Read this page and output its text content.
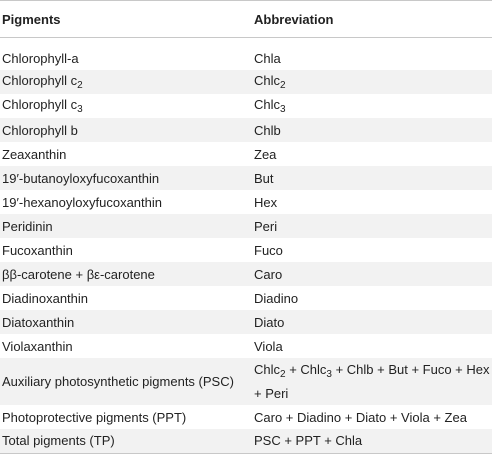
Pigments	Abbreviation
Chlorophyll-a	Chla
Chlorophyll $c_2$	Chlc$_2$
Chlorophyll $c_3$	Chlc$_3$
Chlorophyll b	Chlb
Zeaxanthin	Zea
19′-butanoyloxyfucoxanthin	But
19′-hexanoyloxyfucoxanthin	Hex
Peridinin	Peri
Fucoxanthin	Fuco
ββ-carotene + βε-carotene	Caro
Diadinoxanthin	Diadino
Diatoxanthin	Diato
Violaxanthin	Viola
Auxiliary photosynthetic pigments (PSC)	Chlc$_2$ + Chlc$_3$ + Chlb + But + Fuco + Hex + Peri
Photoprotective pigments (PPT)	Caro + Diadino + Diato + Viola + Zea
Total pigments (TP)	PSC + PPT + Chla
